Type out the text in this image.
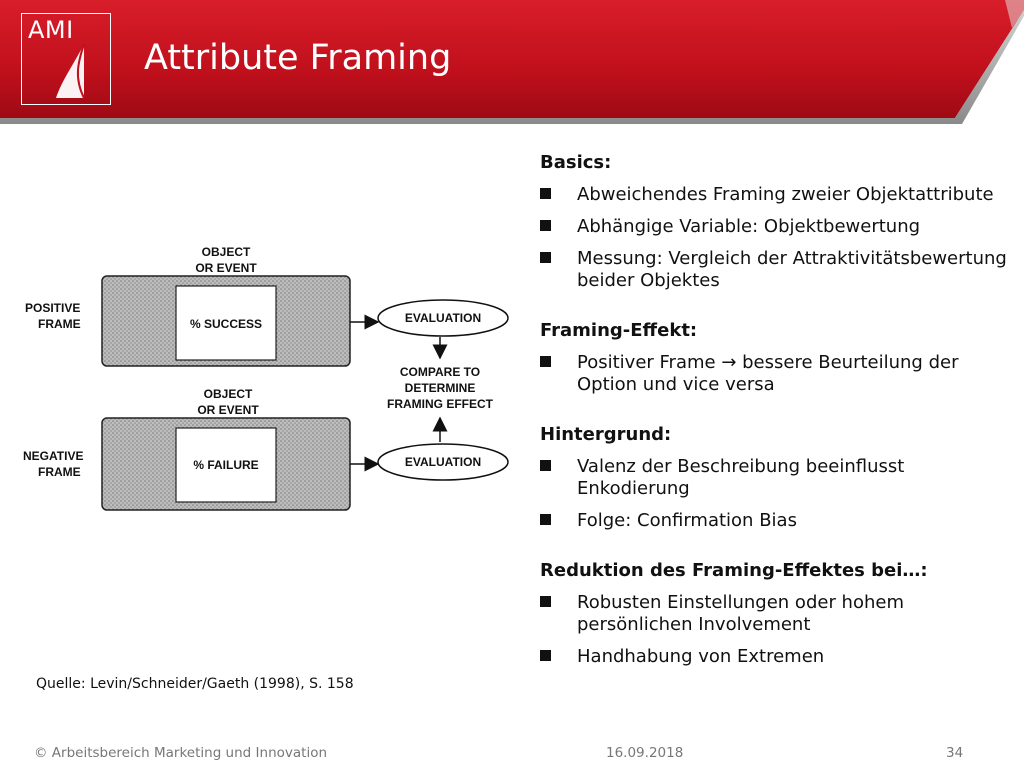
AMI
Attribute Framing
OBJECT
OR EVENT
% SUCCESS
POSITIVE
FRAME	EVALUATION
COMPARE TO
DETERMINE
FRAMING EFFECT
OBJECT
OR EVENT
% FAILURE
NEGATIVE
FRAME
EVALUATION
Quelle: Levin/Schneider/Gaeth (1998), S. 158
Basics:
Abweichendes Framing zweier Objektattribute
Abhängige Variable: Objektbewertung
Messung: Vergleich der Attraktivitätsbewertung beider Objektes
Framing-Effekt:
Positiver Frame → bessere Beurteilung der Option und vice versa
Hintergrund:
Valenz der Beschreibung beeinflusst Enkodierung
Folge: Confirmation Bias
Reduktion des Framing-Effektes bei…:
Robusten Einstellungen oder hohem persönlichen Involvement
Handhabung von Extremen
© Arbeitsbereich Marketing und Innovation	16.09.2018	34
